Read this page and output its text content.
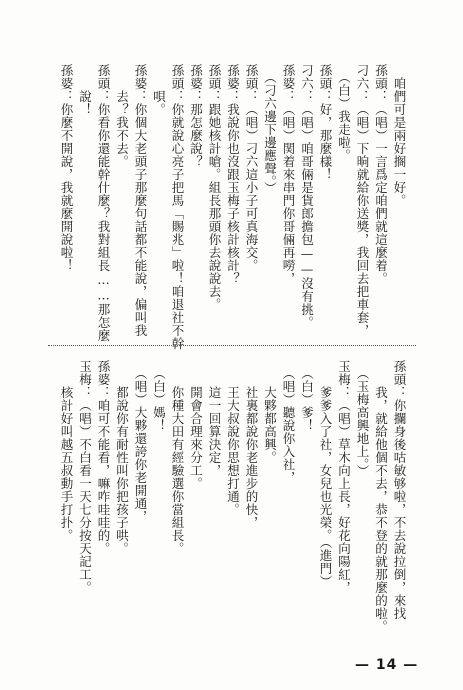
　咱們可是兩好搁一好。
孫頭：（唱）一言爲定咱們就這麼着。
刁六：（唱）下晌就給你送獎，我回去把車套，
　（白）我走啦。
孫頭：好，那麼樣！
刁六：（唱）咱哥倆是貨郎擔包——沒有挑。
孫婆：（唱）関着來串門你哥倆再嘮，
　（刁六邊下邊應聲。）
孫頭：（唱）刁六這小子可真海交。
孫婆：我說你也沒跟玉梅子核計核計？
孫頭：跟她核計嗆。組長那頭你去說說去。
孫婆：那怎麼說？
孫頭：你就說心亮子把馬「賜兆」啦！咱退社不幹
　　唄。
孫婆：你個大老頭子那麼句話都不能說，偏叫我
　　去？我不去。
孫頭：你看你還能幹什麼？我對組長……那怎麼
　　說！
孫婆：你麼不開說，我就麼開說啦！
孫頭：你攔身後咕敏够啦，不去說拉倒，來找
　　我，就給他個不去，恭不登的就那麼的啦。
　（玉梅高興地上。）
玉梅：（唱）草木向上長，好花向陽紅，
　　爹爹入了社，女兒也光榮。（進門）
　（白）爹！
　（唱）聽說你入社，
　　大夥都高興。
　　社裏都說你老進步的快，
　　王大叔說你思想打通。
　　這一回算決定，
　　開會合理來分工。
　　你種大田有經驗選你當組長。
　（白）媽！
　（唱）大夥還誇你老開通，
　　都說你有耐性叫你把孩子哄。
孫婆：咱可不能看，嘛咋哇哇的。
玉梅：（唱）不白看一天七分按天記工。
　　核計好叫越五叔動手打扑。
— 14 —
